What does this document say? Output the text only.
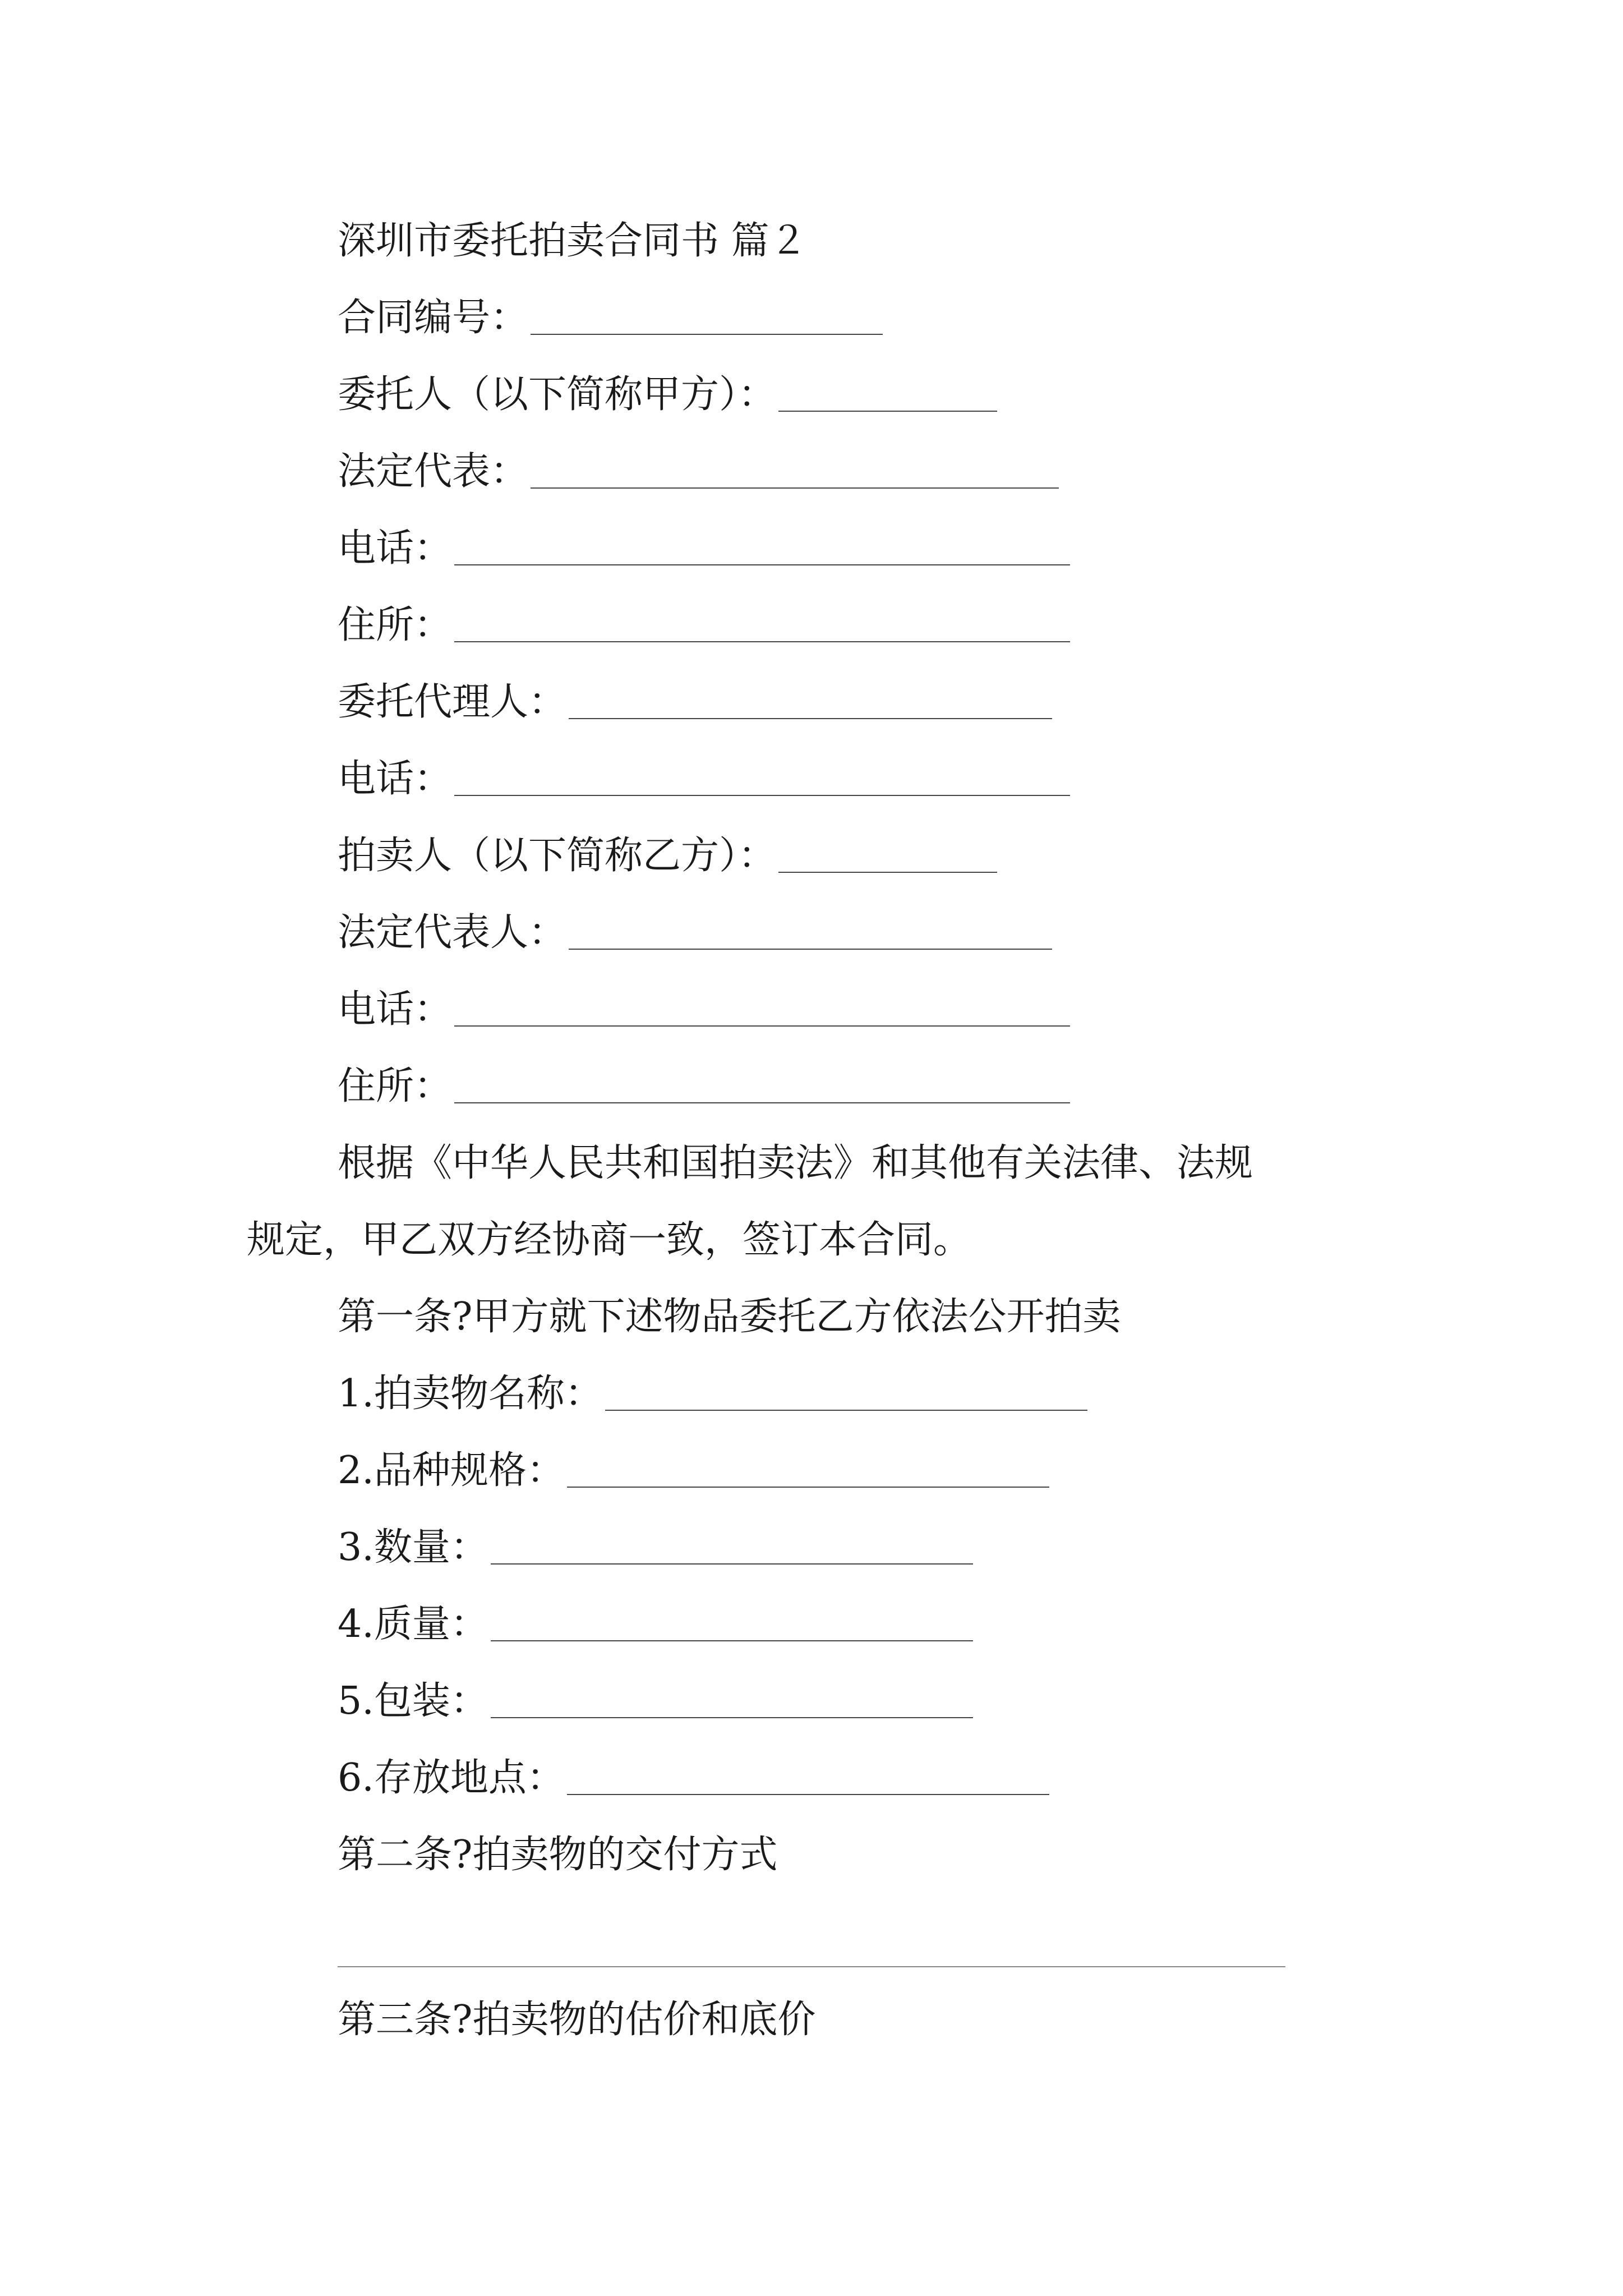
深圳市委托拍卖合同书 篇２
合同编号：
委托人（以下简称甲方）：
法定代表：
电话：
住所：
委托代理人：
电话：
拍卖人（以下简称乙方）：
法定代表人：
电话：
住所：
根据《中华人民共和国拍卖法》和其他有关法律、法规
规定，甲乙双方经协商一致，签订本合同。
第一条?甲方就下述物品委托乙方依法公开拍卖
1.拍卖物名称：
2.品种规格：
3.数量：
4.质量：
5.包装：
6.存放地点：
第二条?拍卖物的交付方式
第三条?拍卖物的估价和底价
